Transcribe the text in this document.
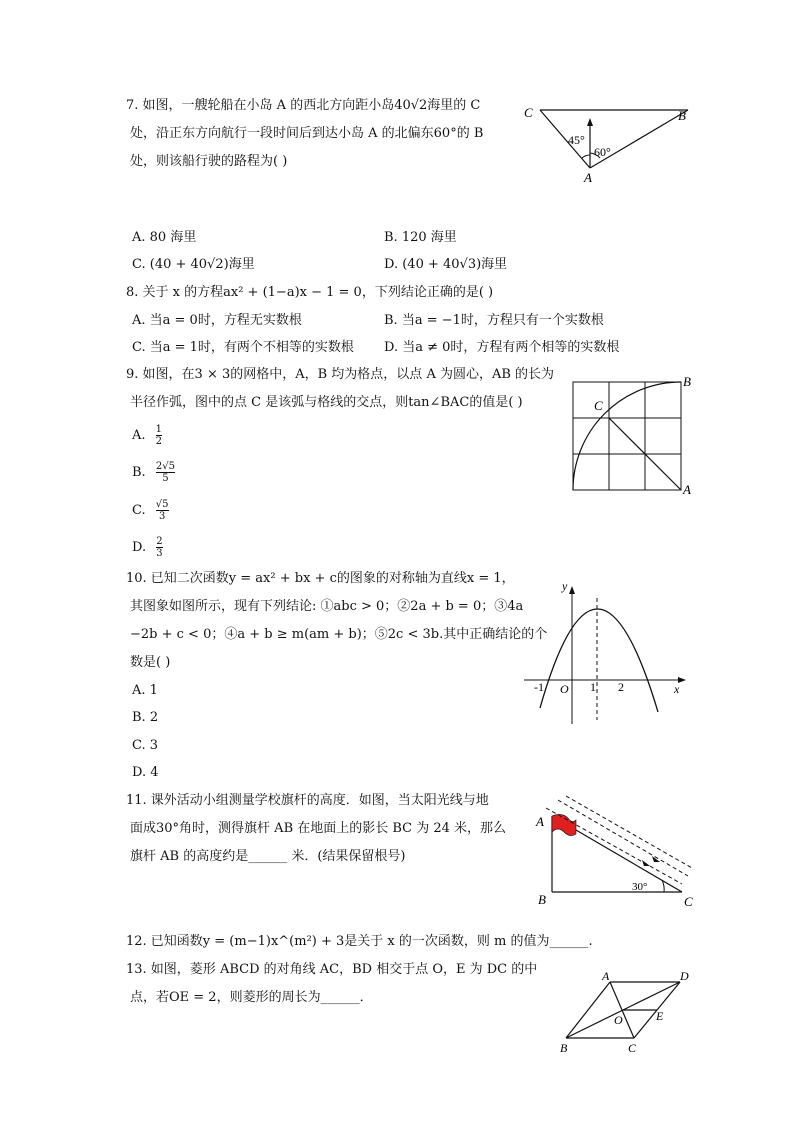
7. 如图，一艘轮船在小岛 A 的西北方向距小岛40√2海里的 C
处，沿正东方向航行一段时间后到达小岛 A 的北偏东60°的 B
处，则该船行驶的路程为( )
C	B
A
45°
60°
A. 80 海里	B. 120 海里
C. (40 + 40√2)海里	D. (40 + 40√3)海里
8. 关于 x 的方程ax² + (1−a)x − 1 = 0，下列结论正确的是( )
A. 当a = 0时，方程无实数根	B. 当a = −1时，方程只有一个实数根
C. 当a = 1时，有两个不相等的实数根 D. 当a ≠ 0时，方程有两个相等的实数根
9. 如图，在3 × 3的网格中，A，B 均为格点，以点 A 为圆心，AB 的长为
半径作弧，图中的点 C 是该弧与格线的交点，则tan∠BAC的值是( )
A. $\frac{1}{2}$
B. $\frac{2√5}{5}$
C. $\frac{√5}{3}$
D. $\frac{2}{3}$
B
C
A
10. 已知二次函数y = ax² + bx + c的图象的对称轴为直线x = 1，
其图象如图所示，现有下列结论: ①abc > 0；②2a + b = 0；③4a
−2b + c < 0；④a + b ≥ m(am + b)；⑤2c < 3b.其中正确结论的个
数是( )
A. 1
B. 2
C. 3
D. 4
y
x
O
-1	1 2
11. 课外活动小组测量学校旗杆的高度．如图，当太阳光线与地
面成30°角时，测得旗杆 AB 在地面上的影长 BC 为 24 米，那么
旗杆 AB 的高度约是______ 米．(结果保留根号)
A
B	C
30°
12. 已知函数y = (m−1)x^(m²) + 3是关于 x 的一次函数，则 m 的值为______.
13. 如图，菱形 ABCD 的对角线 AC，BD 相交于点 O，E 为 DC 的中
点，若OE = 2，则菱形的周长为______．
A	D
O	E
B	C
